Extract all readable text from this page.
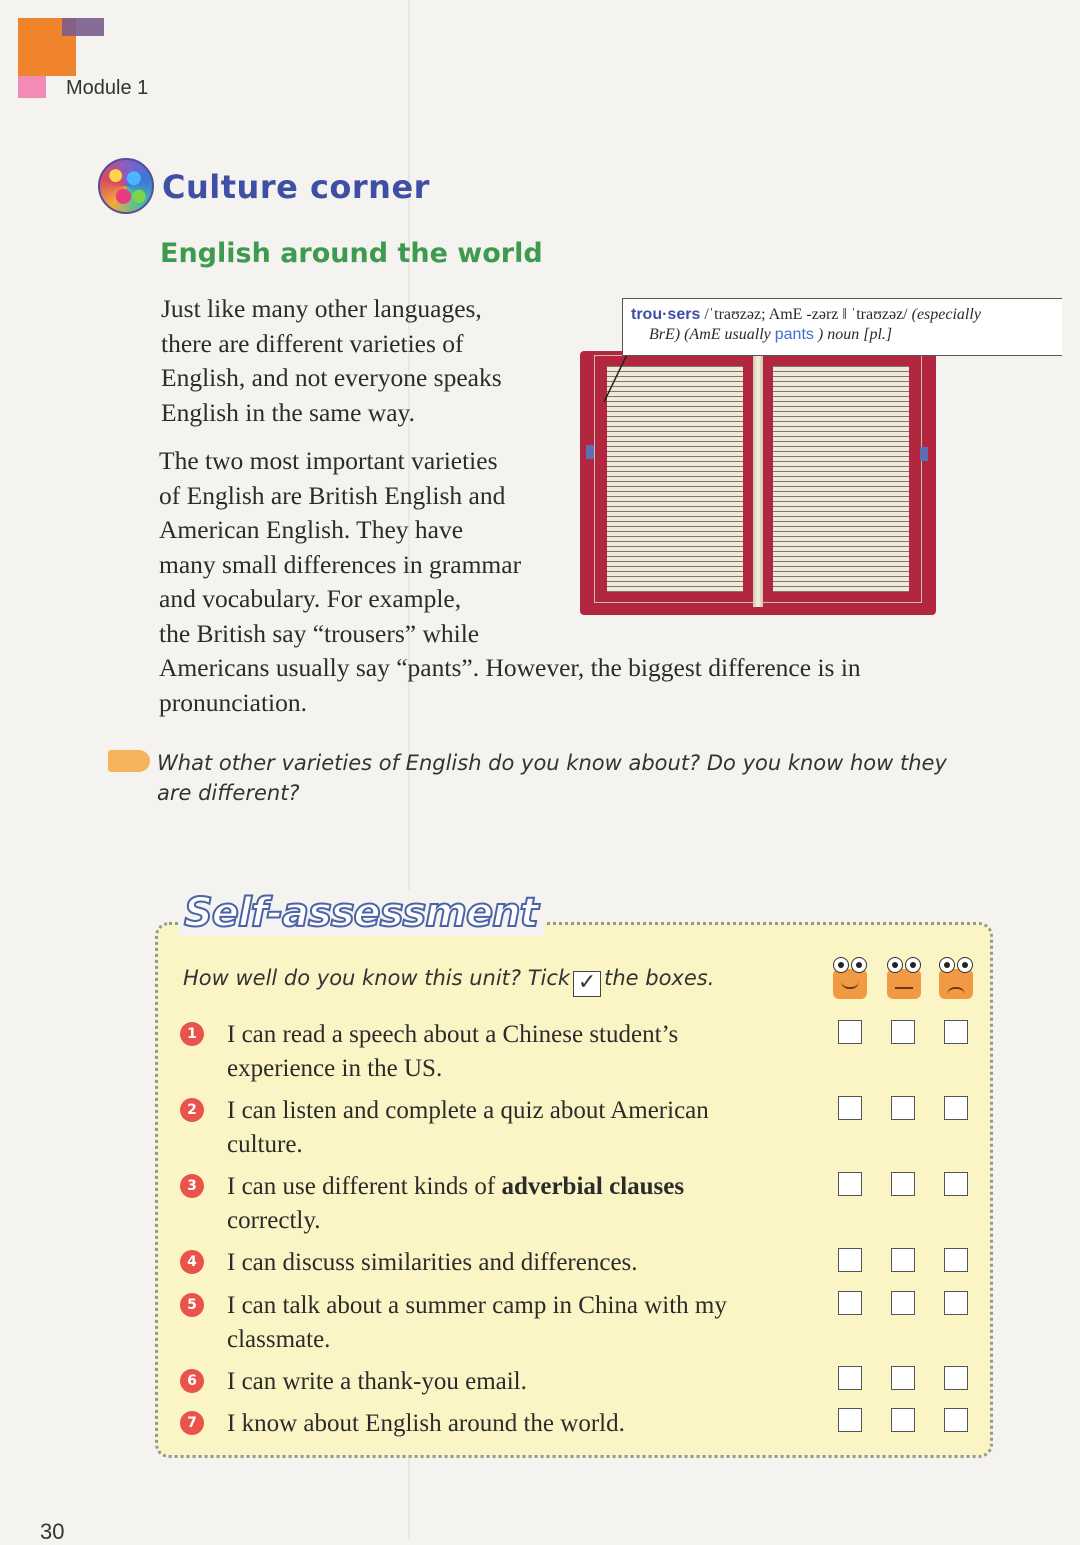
Module 1
Culture corner
English around the world
Just like many other languages,
there are different varieties of
English, and not everyone speaks
English in the same way.
The two most important varieties
of English are British English and
American English. They have
many small differences in grammar
and vocabulary. For example,
the British say “trousers” while
Americans usually say “pants”. However, the biggest difference is in
pronunciation.
trou·sers /ˈtraʊzəz; AmE -zərz ǁ ˈtraʊzəz/ (especially
BrE) (AmE usually pants ) noun [pl.]
What other varieties of English do you know about? Do you know how they are different?
Self-assessment
How well do you know this unit? Tick ✓ the boxes.
1 I can read a speech about a Chinese student’s
experience in the US.
2 I can listen and complete a quiz about American
culture.
3 I can use different kinds of adverbial clauses
correctly.
4 I can discuss similarities and differences.
5 I can talk about a summer camp in China with my
classmate.
6 I can write a thank-you email.
7 I know about English around the world.
30
